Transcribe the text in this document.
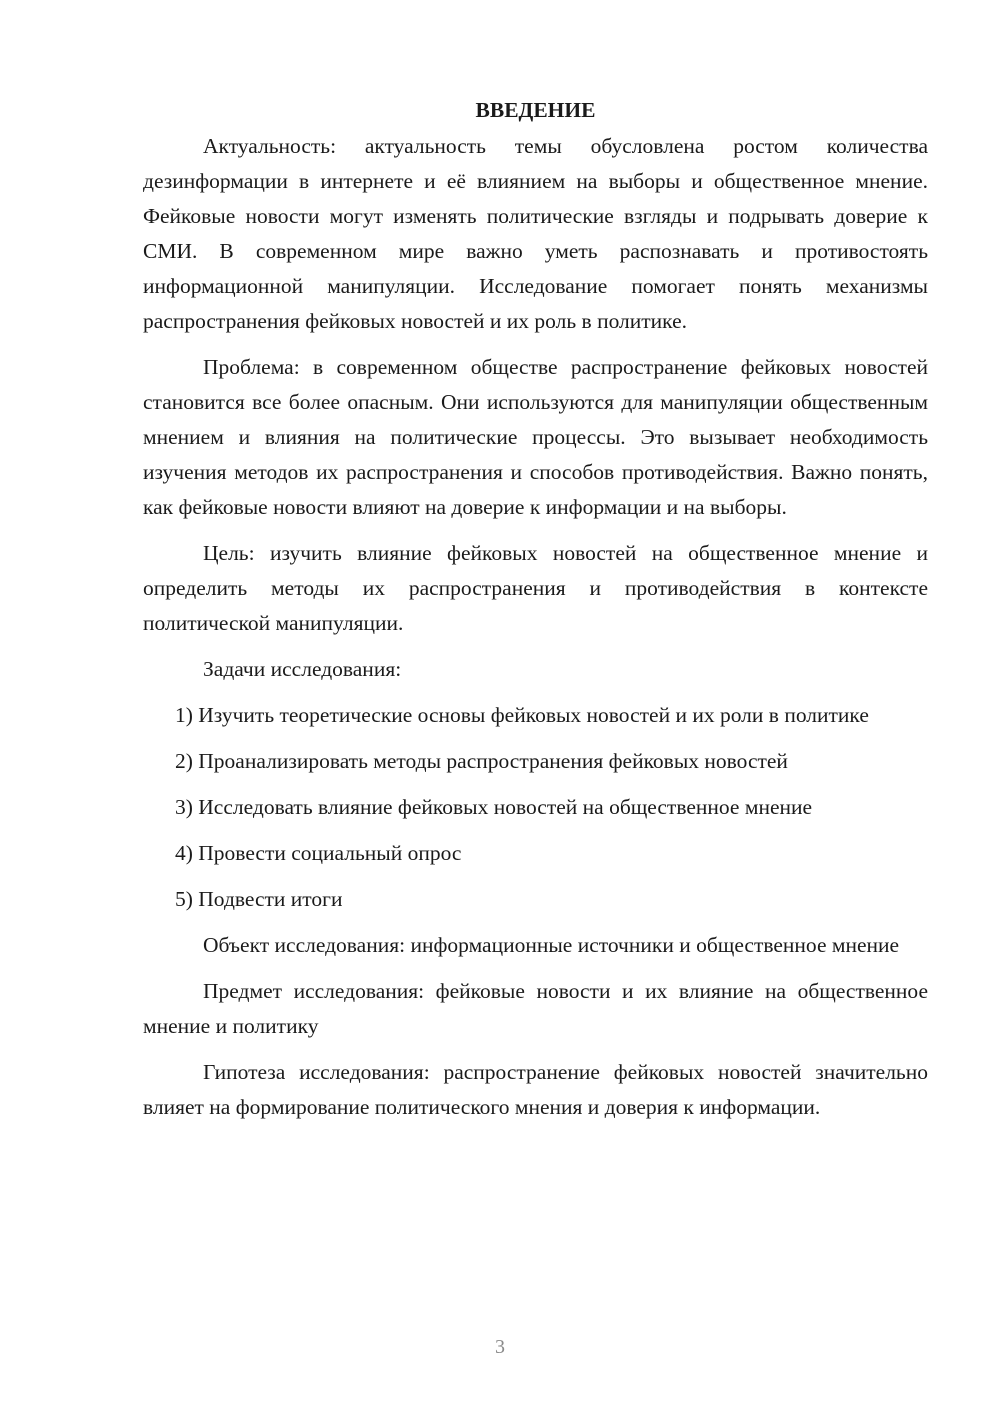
ВВЕДЕНИЕ

Актуальность: актуальность темы обусловлена ростом количества дезинформации в интернете и её влиянием на выборы и общественное мнение. Фейковые новости могут изменять политические взгляды и подрывать доверие к СМИ. В современном мире важно уметь распознавать и противостоять информационной манипуляции. Исследование помогает понять механизмы распространения фейковых новостей и их роль в политике.

Проблема: в современном обществе распространение фейковых новостей становится все более опасным. Они используются для манипуляции общественным мнением и влияния на политические процессы. Это вызывает необходимость изучения методов их распространения и способов противодействия. Важно понять, как фейковые новости влияют на доверие к информации и на выборы.

Цель: изучить влияние фейковых новостей на общественное мнение и определить методы их распространения и противодействия в контексте политической манипуляции.

Задачи исследования:

1) Изучить теоретические основы фейковых новостей и их роли в политике

2) Проанализировать методы распространения фейковых новостей

3) Исследовать влияние фейковых новостей на общественное мнение

4) Провести социальный опрос

5) Подвести итоги

Объект исследования: информационные источники и общественное мнение

Предмет исследования: фейковые новости и их влияние на общественное мнение и политику

Гипотеза исследования: распространение фейковых новостей значительно влияет на формирование политического мнения и доверия к информации.

3
